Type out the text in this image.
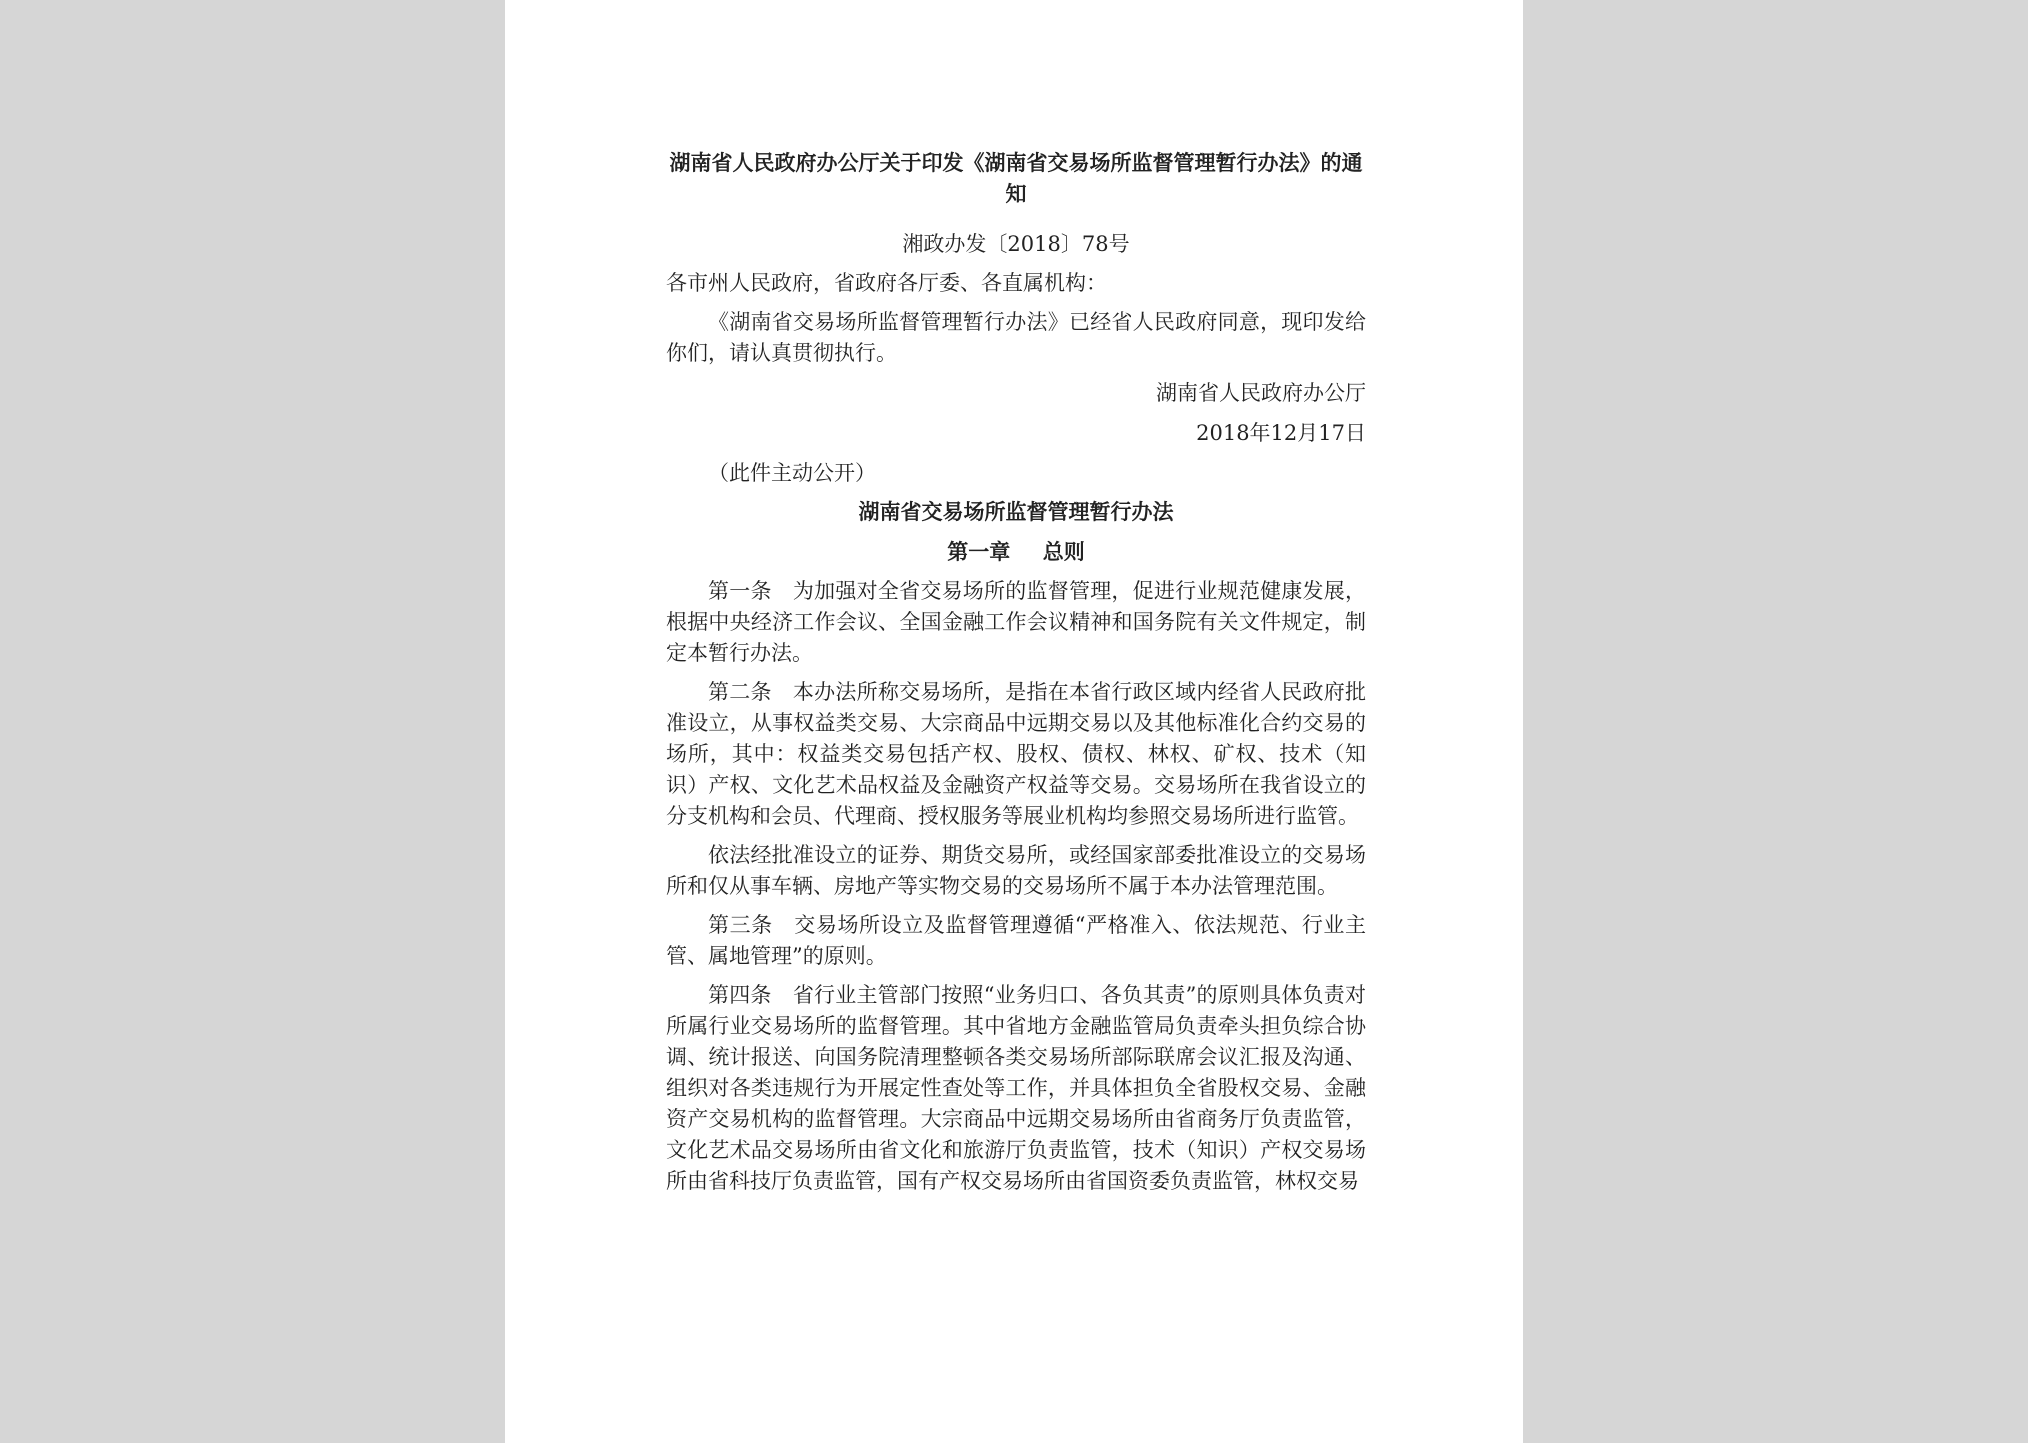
湖南省人民政府办公厅关于印发《湖南省交易场所监督管理暂行办法》的通知
湘政办发〔2018〕78号
各市州人民政府，省政府各厅委、各直属机构：
《湖南省交易场所监督管理暂行办法》已经省人民政府同意，现印发给你们，请认真贯彻执行。
湖南省人民政府办公厅
2018年12月17日
（此件主动公开）
湖南省交易场所监督管理暂行办法
第一章 总则
第一条　为加强对全省交易场所的监督管理，促进行业规范健康发展，根据中央经济工作会议、全国金融工作会议精神和国务院有关文件规定，制定本暂行办法。
第二条　本办法所称交易场所，是指在本省行政区域内经省人民政府批准设立，从事权益类交易、大宗商品中远期交易以及其他标准化合约交易的场所，其中：权益类交易包括产权、股权、债权、林权、矿权、技术（知识）产权、文化艺术品权益及金融资产权益等交易。交易场所在我省设立的分支机构和会员、代理商、授权服务等展业机构均参照交易场所进行监管。
依法经批准设立的证券、期货交易所，或经国家部委批准设立的交易场所和仅从事车辆、房地产等实物交易的交易场所不属于本办法管理范围。
第三条　交易场所设立及监督管理遵循“严格准入、依法规范、行业主管、属地管理”的原则。
第四条　省行业主管部门按照“业务归口、各负其责”的原则具体负责对所属行业交易场所的监督管理。其中省地方金融监管局负责牵头担负综合协调、统计报送、向国务院清理整顿各类交易场所部际联席会议汇报及沟通、组织对各类违规行为开展定性查处等工作，并具体担负全省股权交易、金融资产交易机构的监督管理。大宗商品中远期交易场所由省商务厅负责监管，文化艺术品交易场所由省文化和旅游厅负责监管，技术（知识）产权交易场所由省科技厅负责监管，国有产权交易场所由省国资委负责监管，林权交易
